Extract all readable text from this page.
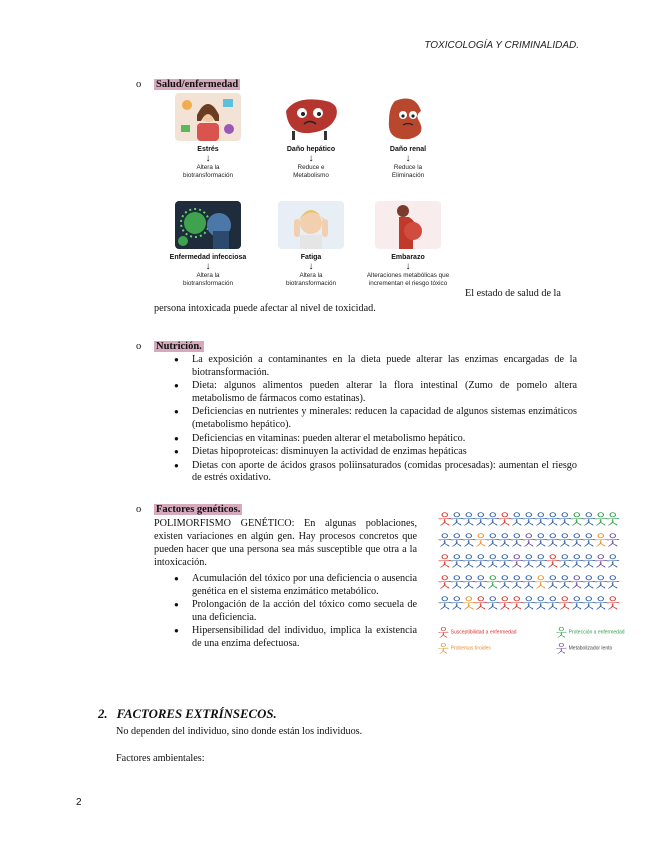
TOXICOLOGÍA Y CRIMINALIDAD.
o Salud/enfermedad
Estrés
↓
Altera la
biotransformación
Daño hepático
↓
Reduce e
Metabolismo
Daño renal
↓
Reduce la
Eliminación
Enfermedad infecciosa
↓
Altera la
biotransformación
Fatiga
↓
Altera la
biotransformación
Embarazo
↓
Alteraciones metabólicas que
incrementan el riesgo tóxico
El estado de salud de la
persona intoxicada puede afectar al nivel de toxicidad.
o Nutrición.
● La exposición a contaminantes en la dieta puede alterar las enzimas encargadas de la biotransformación.
● Dieta: algunos alimentos pueden alterar la flora intestinal (Zumo de pomelo altera metabolismo de fármacos como estatinas).
● Deficiencias en nutrientes y minerales: reducen la capacidad de algunos sistemas enzimáticos (metabolismo hepático).
● Deficiencias en vitaminas: pueden alterar el metabolismo hepático.
● Dietas hipoproteicas: disminuyen la actividad de enzimas hepáticas
● Dietas con aporte de ácidos grasos poliinsaturados (comidas procesadas): aumentan el riesgo de estrés oxidativo.
o Factores genéticos.
POLIMORFISMO GENÉTICO: En algunas poblaciones, existen variaciones en algún gen. Hay procesos concretos que pueden hacer que una persona sea más susceptible que otra a la intoxicación.
● Acumulación del tóxico por una deficiencia o ausencia genética en el sistema enzimático metabólico.
● Prolongación de la acción del tóxico como secuela de una deficiencia.
● Hipersensibilidad del individuo, implica la existencia de una enzima defectuosa.
웃
웃
웃
웃
웃
웃
웃
웃
웃
웃
웃
웃
웃
웃
웃
웃
웃
웃
웃
웃
웃
웃
웃
웃
웃
웃
웃
웃
웃
웃
웃
웃
웃
웃
웃
웃
웃
웃
웃
웃
웃
웃
웃
웃
웃
웃
웃
웃
웃
웃
웃
웃
웃
웃
웃
웃
웃
웃
웃
웃
웃
웃
웃
웃
웃
웃
웃
웃
웃
웃
웃
웃
웃
웃
웃
웃 Susceptibilidad a enfermedad	웃 Protección a enfermedad
웃 Probemas tiroides	웃 Metabolizador lento
2. FACTORES EXTRÍNSECOS.
No dependen del individuo, sino donde están los individuos.
Factores ambientales:
2
